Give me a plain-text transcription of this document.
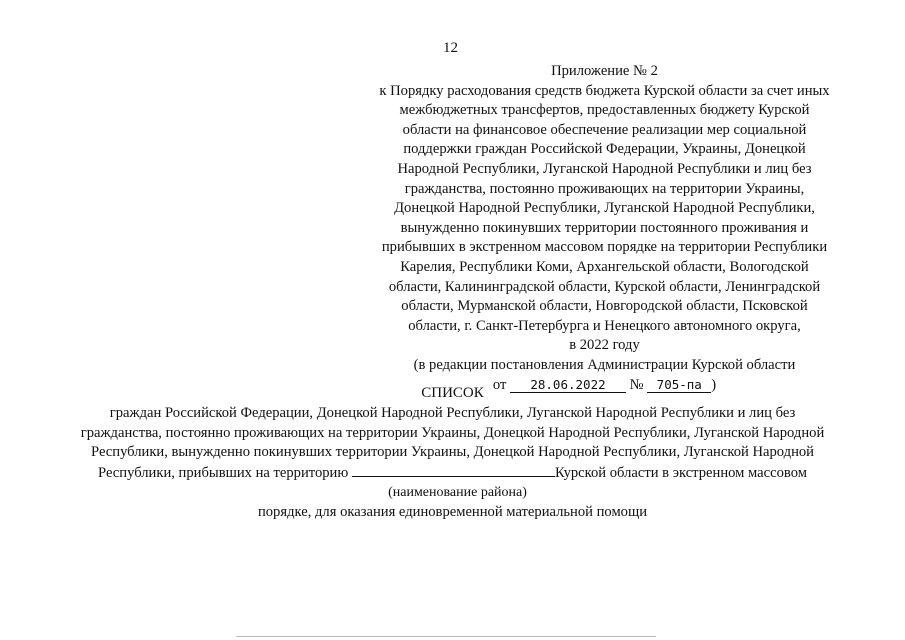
12
Приложение № 2
к Порядку расходования средств бюджета Курской области за счет иных
межбюджетных трансфертов, предоставленных бюджету Курской
области на финансовое обеспечение реализации мер социальной
поддержки граждан Российской Федерации, Украины, Донецкой
Народной Республики, Луганской Народной Республики и лиц без
гражданства, постоянно проживающих на территории Украины,
Донецкой Народной Республики, Луганской Народной Республики,
вынужденно покинувших территории постоянного проживания и
прибывших в экстренном массовом порядке на территории Республики
Карелия, Республики Коми, Архангельской области, Вологодской
области, Калининградской области, Курской области, Ленинградской
области, Мурманской области, Новгородской области, Псковской
области, г. Санкт-Петербурга и Ненецкого автономного округа,
в 2022 году
(в редакции постановления Администрации Курской области
от 28.06.2022 № 705-па )
СПИСОК
граждан Российской Федерации, Донецкой Народной Республики, Луганской Народной Республики и лиц без
гражданства, постоянно проживающих на территории Украины, Донецкой Народной Республики, Луганской Народной
Республики, вынужденно покинувших территории Украины, Донецкой Народной Республики, Луганской Народной
Республики, прибывших на территорию	Курской области в экстренном массовом
(наименование района)
порядке, для оказания единовременной материальной помощи
